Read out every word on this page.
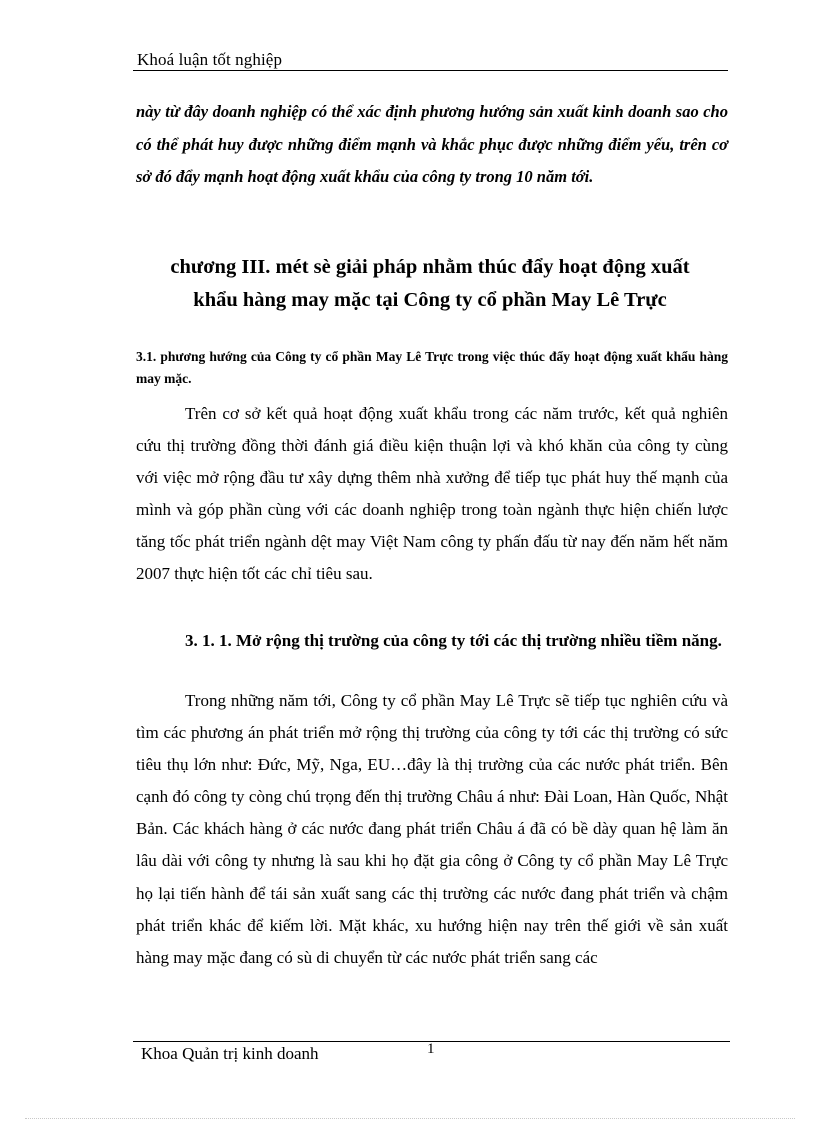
Khoá luận tốt nghiệp
này từ đây doanh nghiệp có thể xác định phương hướng sản xuất kinh doanh sao cho có thể phát huy được những điểm mạnh và khắc phục được những điểm yếu, trên cơ sở đó đẩy mạnh hoạt động xuất khẩu của công ty trong 10 năm tới.
chương III. mét sè giải pháp nhằm thúc đẩy hoạt động xuất
khẩu hàng may mặc tại Công ty cổ phần May Lê Trực
3.1. phương hướng của Công ty cổ phần May Lê Trực trong việc thúc đẩy hoạt động xuất khẩu hàng may mặc.
Trên cơ sở kết quả hoạt động xuất khẩu trong các năm trước, kết quả nghiên cứu thị trường đồng thời đánh giá điều kiện thuận lợi và khó khăn của công ty cùng với việc mở rộng đầu tư xây dựng thêm nhà xưởng để tiếp tục phát huy thế mạnh của mình và góp phần cùng với các doanh nghiệp trong toàn ngành thực hiện chiến lược tăng tốc phát triển ngành dệt may Việt Nam công ty phấn đấu từ nay đến năm hết năm 2007 thực hiện tốt các chỉ tiêu sau.
3. 1. 1. Mở rộng thị trường của công ty tới các thị trường nhiều tiềm năng.
Trong những năm tới, Công ty cổ phần May Lê Trực sẽ tiếp tục nghiên cứu và tìm các phương án phát triển mở rộng thị trường của công ty tới các thị trường có sức tiêu thụ lớn như: Đức, Mỹ, Nga, EU…đây là thị trường của các nước phát triển. Bên cạnh đó công ty còng chú trọng đến thị trường Châu á như: Đài Loan, Hàn Quốc, Nhật Bản. Các khách hàng ở các nước đang phát triển Châu á đã có bề dày quan hệ làm ăn lâu dài với công ty nhưng là sau khi họ đặt gia công ở Công ty cổ phần May Lê Trực họ lại tiến hành để tái sản xuất sang các thị trường các nước đang phát triển và chậm phát triển khác để kiếm lời. Mặt khác, xu hướng hiện nay trên thế giới về sản xuất hàng may mặc đang có sù di chuyển từ các nước phát triển sang các
Khoa Quản trị kinh doanh	1
